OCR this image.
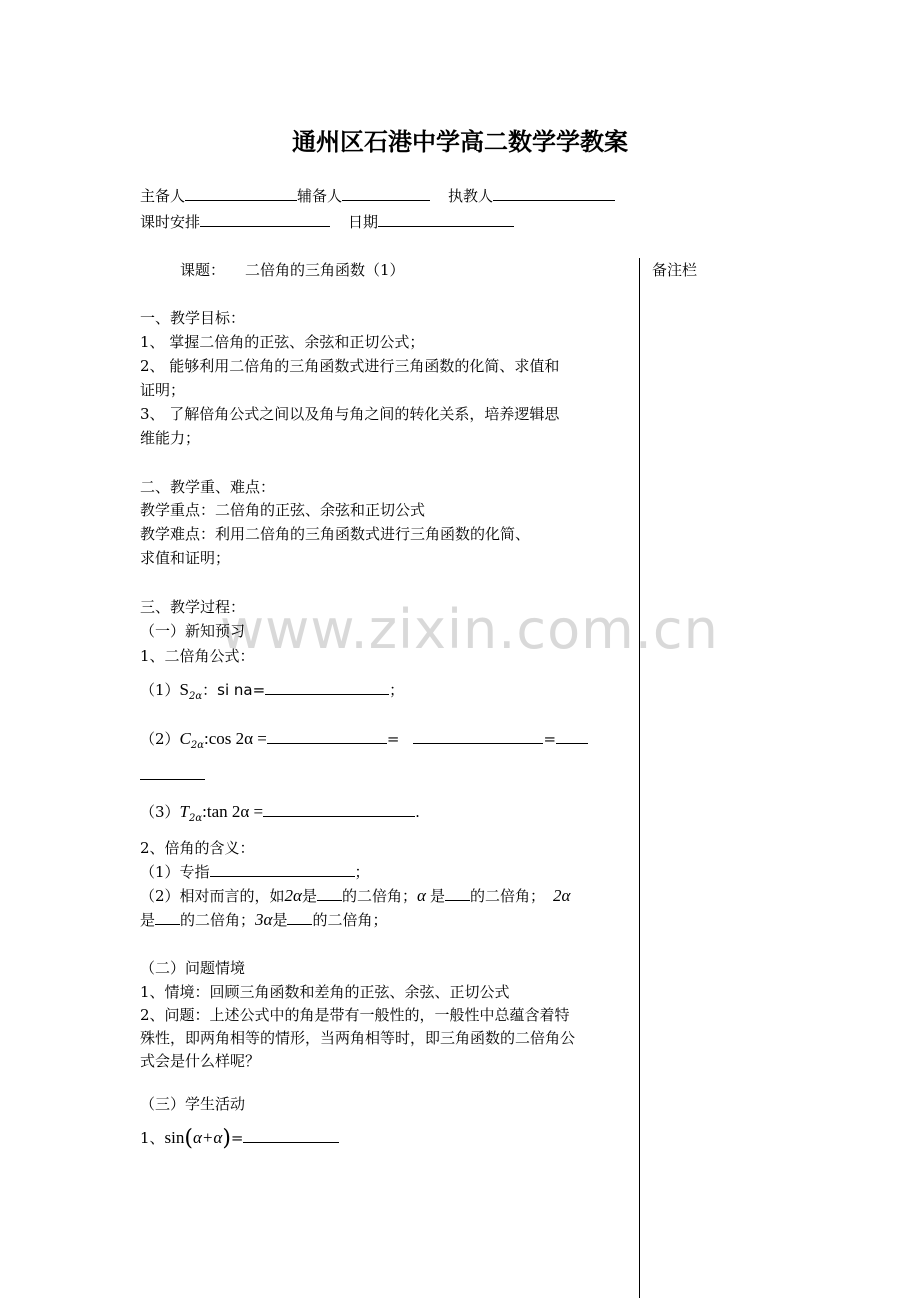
通州区石港中学高二数学学教案
主备人	辅备人	执教人
课时安排	日期
备注栏
课题： 二倍角的三角函数（1）
一、教学目标：
1、 掌握二倍角的正弦、余弦和正切公式；
2、 能够利用二倍角的三角函数式进行三角函数的化简、求值和
证明；
3、 了解倍角公式之间以及角与角之间的转化关系，培养逻辑思
维能力；
二、教学重、难点：
教学重点：二倍角的正弦、余弦和正切公式
教学难点：利用二倍角的三角函数式进行三角函数的化简、
求值和证明；
www.zixin.com.cn
三、教学过程：
（一）新知预习
1、二倍角公式：
$(1)S_{2\alpha}$：si na=	；
$(2)C_{2\alpha}:\cos$ 2α =	=	=
$(3)T_{2\alpha}:\tan$ 2α =	.
2、倍角的含义：
（1）专指	；
（2）相对而言的，如2α是 的二倍角；α 是 的二倍角； 2α
是 的二倍角；3α是 的二倍角；
（二）问题情境
1、情境：回顾三角函数和差角的正弦、余弦、正切公式
2、问题：上述公式中的角是带有一般性的，一般性中总蕴含着特
殊性，即两角相等的情形，当两角相等时，即三角函数的二倍角公
式会是什么样呢？
（三）学生活动
1、sin(α+α)=
